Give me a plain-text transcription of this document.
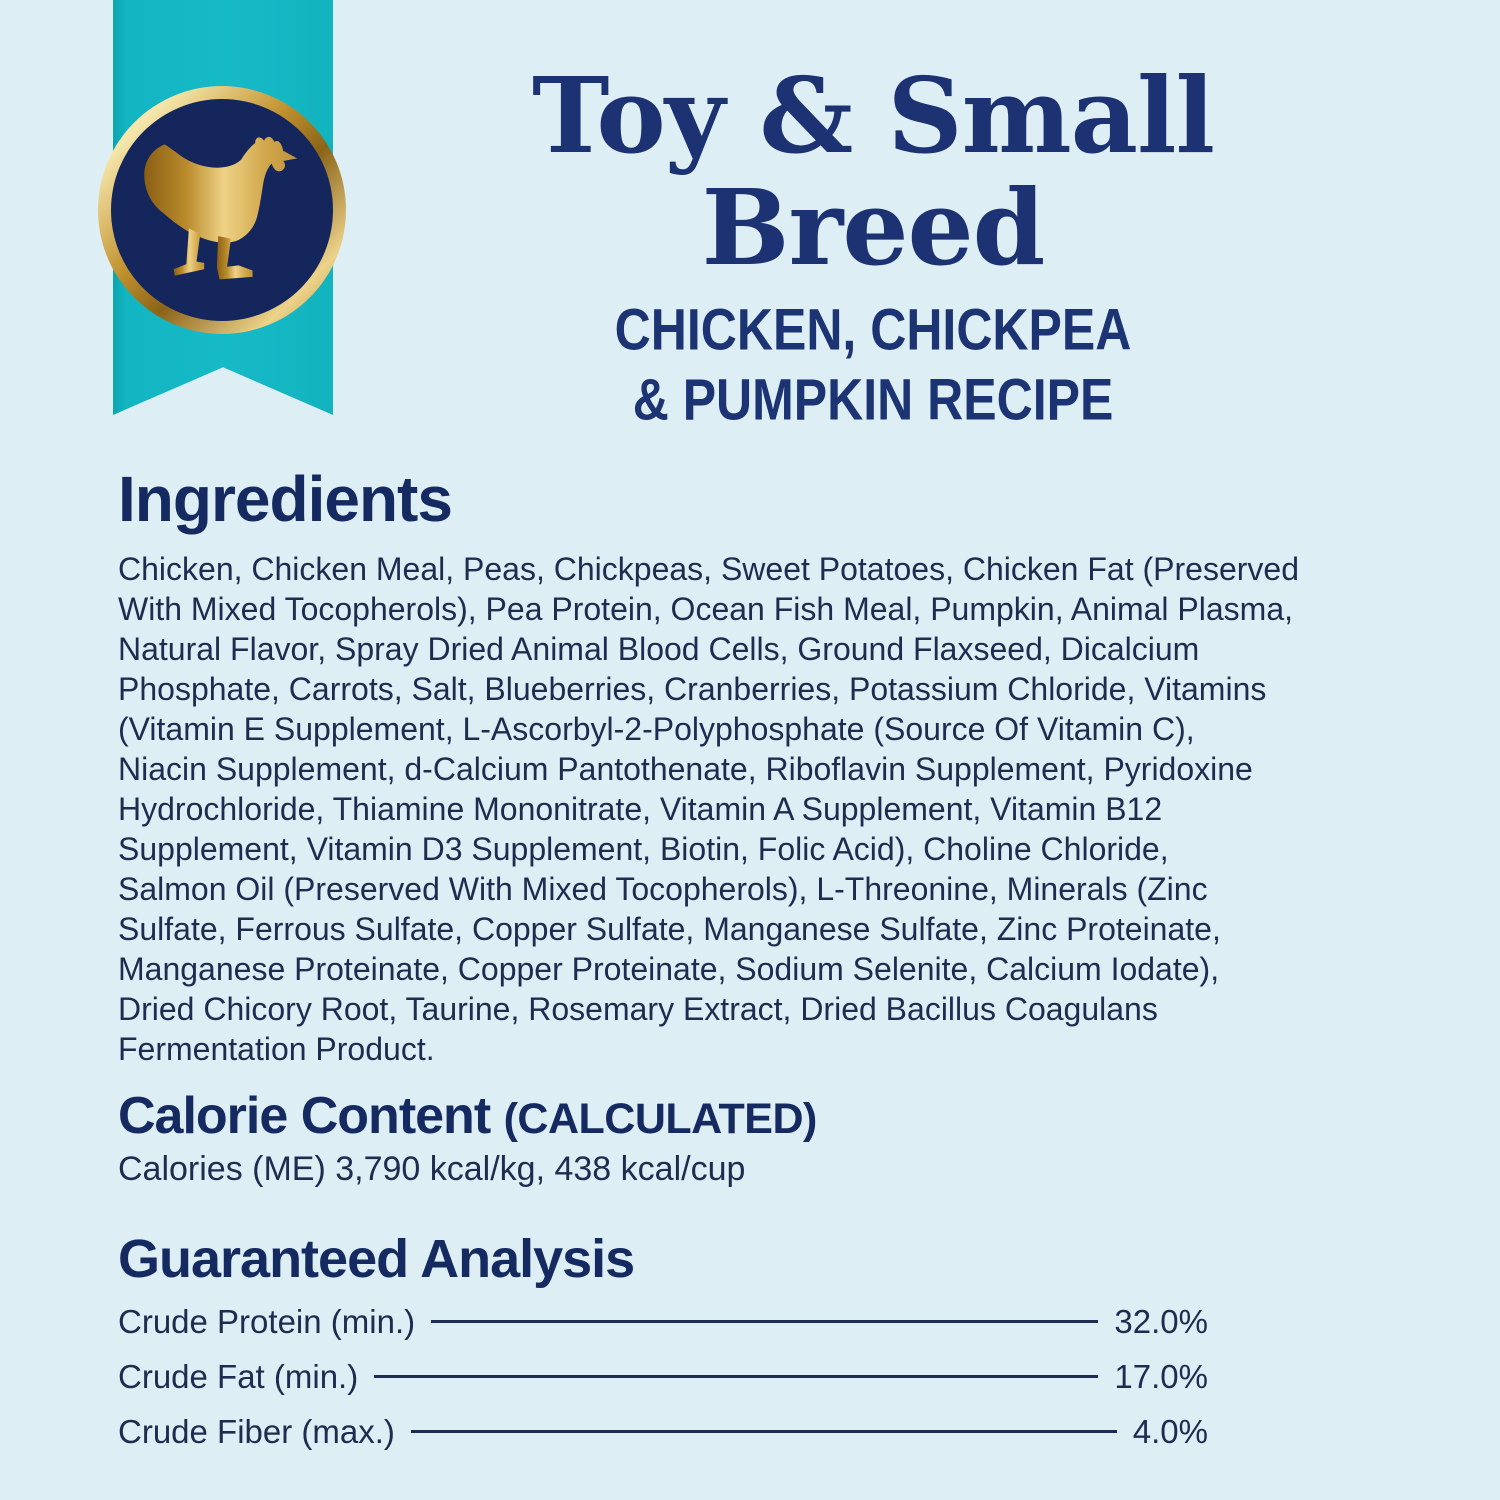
Toy & Small
Breed
CHICKEN, CHICKPEA
& PUMPKIN RECIPE
Ingredients
Chicken, Chicken Meal, Peas, Chickpeas, Sweet Potatoes, Chicken Fat (Preserved
With Mixed Tocopherols), Pea Protein, Ocean Fish Meal, Pumpkin, Animal Plasma,
Natural Flavor, Spray Dried Animal Blood Cells, Ground Flaxseed, Dicalcium
Phosphate, Carrots, Salt, Blueberries, Cranberries, Potassium Chloride, Vitamins
(Vitamin E Supplement, L-Ascorbyl-2-Polyphosphate (Source Of Vitamin C),
Niacin Supplement, d-Calcium Pantothenate, Riboflavin Supplement, Pyridoxine
Hydrochloride, Thiamine Mononitrate, Vitamin A Supplement, Vitamin B12
Supplement, Vitamin D3 Supplement, Biotin, Folic Acid), Choline Chloride,
Salmon Oil (Preserved With Mixed Tocopherols), L-Threonine, Minerals (Zinc
Sulfate, Ferrous Sulfate, Copper Sulfate, Manganese Sulfate, Zinc Proteinate,
Manganese Proteinate, Copper Proteinate, Sodium Selenite, Calcium Iodate),
Dried Chicory Root, Taurine, Rosemary Extract, Dried Bacillus Coagulans
Fermentation Product.
Calorie Content (CALCULATED)
Calories (ME) 3,790 kcal/kg, 438 kcal/cup
Guaranteed Analysis
Crude Protein (min.)	32.0%
Crude Fat (min.)	17.0%
Crude Fiber (max.)	4.0%
